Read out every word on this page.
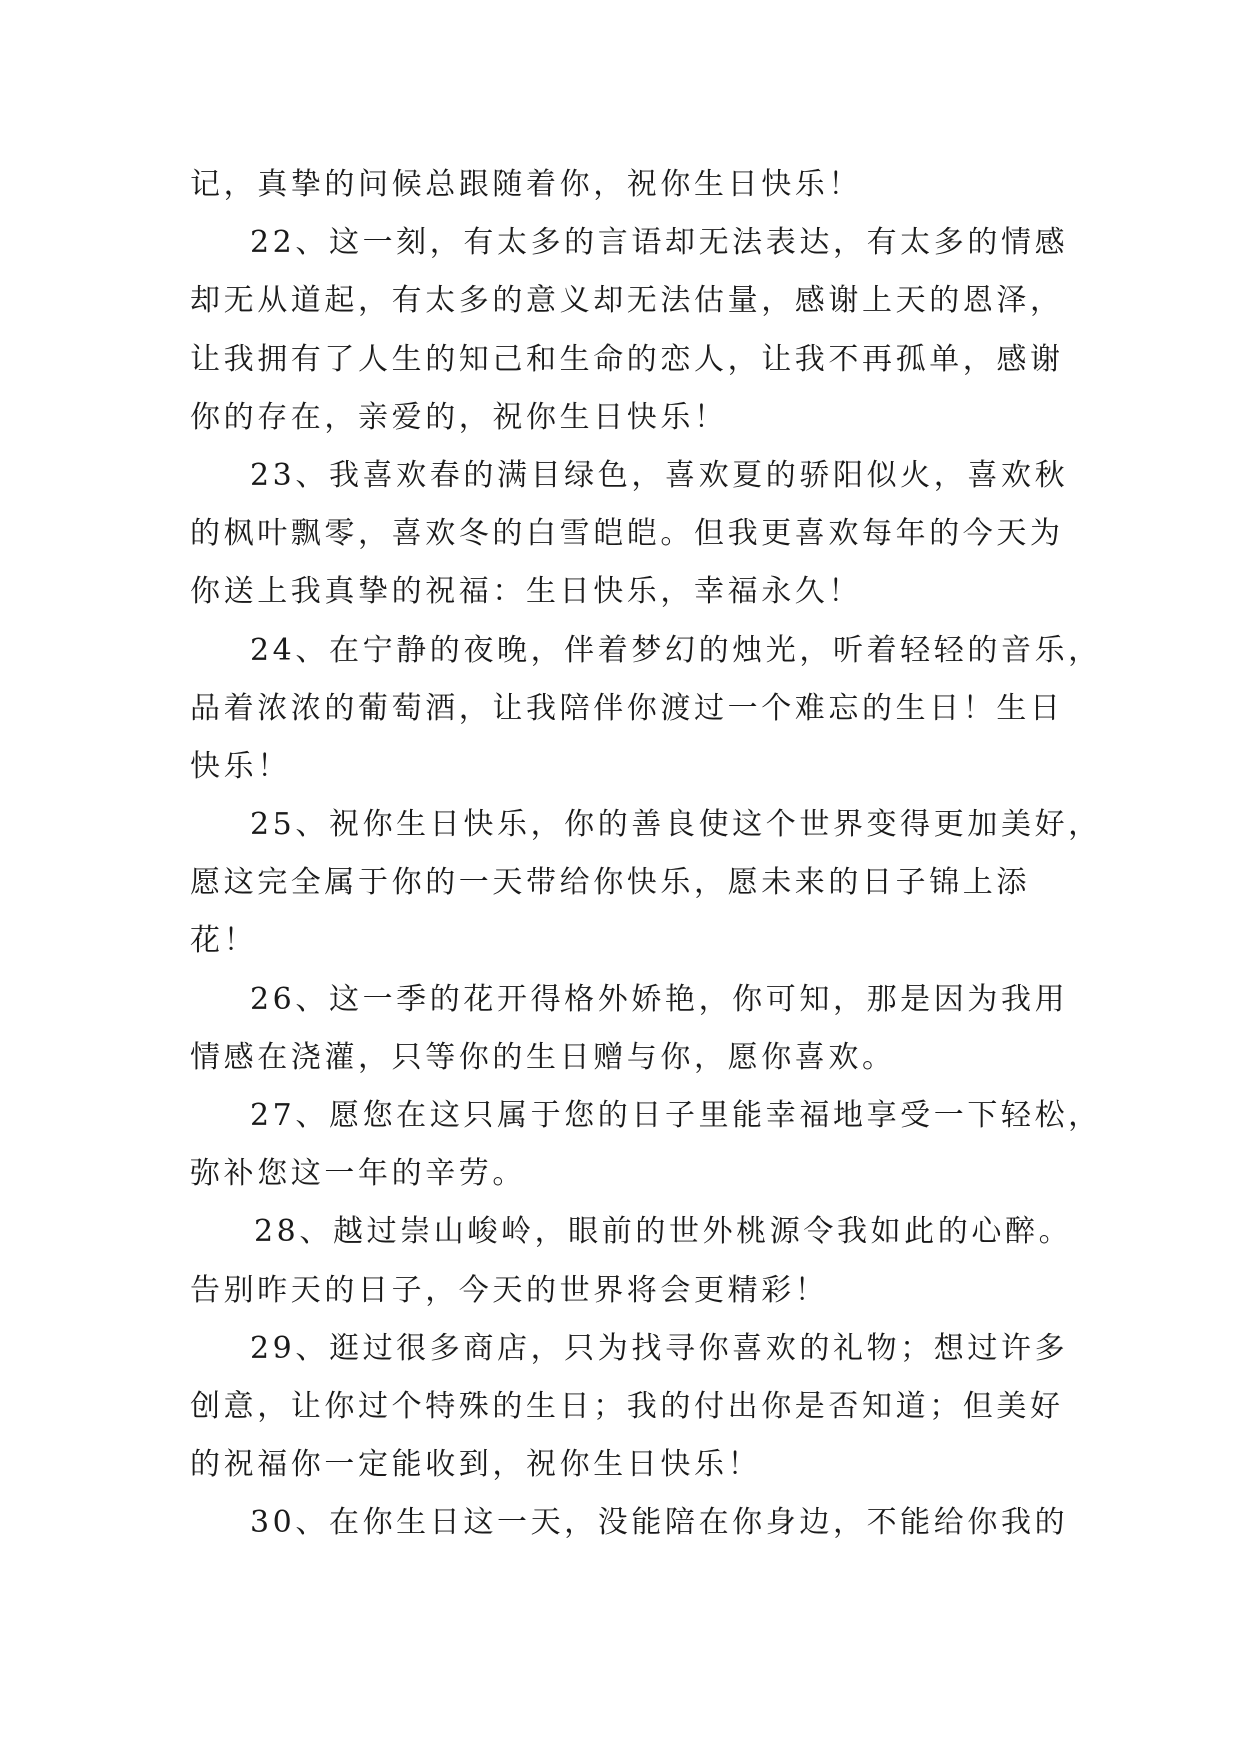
记，真挚的问候总跟随着你，祝你生日快乐！
22、这一刻，有太多的言语却无法表达，有太多的情感
却无从道起，有太多的意义却无法估量，感谢上天的恩泽，
让我拥有了人生的知己和生命的恋人，让我不再孤单，感谢
你的存在，亲爱的，祝你生日快乐！
23、我喜欢春的满目绿色，喜欢夏的骄阳似火，喜欢秋
的枫叶飘零，喜欢冬的白雪皑皑。但我更喜欢每年的今天为
你送上我真挚的祝福：生日快乐，幸福永久！
24、在宁静的夜晚，伴着梦幻的烛光，听着轻轻的音乐，
品着浓浓的葡萄酒，让我陪伴你渡过一个难忘的生日！生日
快乐！
25、祝你生日快乐，你的善良使这个世界变得更加美好，
愿这完全属于你的一天带给你快乐，愿未来的日子锦上添
花！
26、这一季的花开得格外娇艳，你可知，那是因为我用
情感在浇灌，只等你的生日赠与你，愿你喜欢。
27、愿您在这只属于您的日子里能幸福地享受一下轻松，
弥补您这一年的辛劳。
28、越过崇山峻岭，眼前的世外桃源令我如此的心醉。
告别昨天的日子，今天的世界将会更精彩！
29、逛过很多商店，只为找寻你喜欢的礼物；想过许多
创意，让你过个特殊的生日；我的付出你是否知道；但美好
的祝福你一定能收到，祝你生日快乐！
30、在你生日这一天，没能陪在你身边，不能给你我的
